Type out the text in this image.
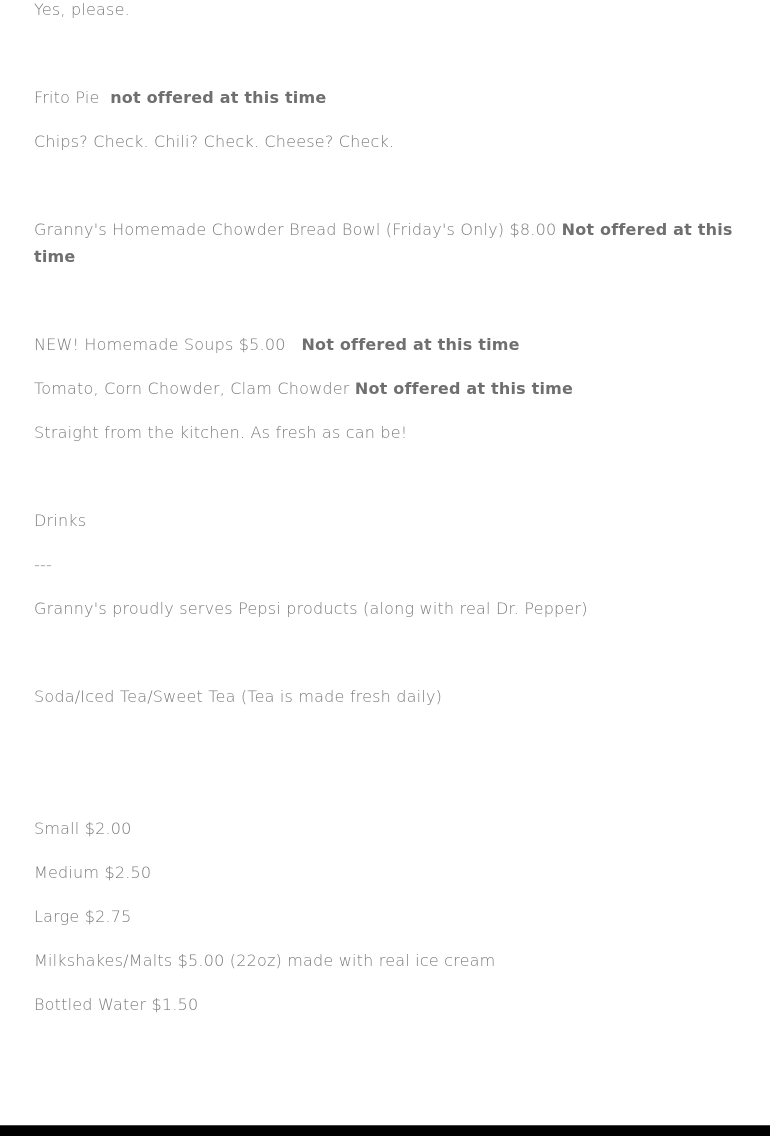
Yes, please.
Frito Pie not offered at this time
Chips? Check. Chili? Check. Cheese? Check.
Granny's Homemade Chowder Bread Bowl (Friday's Only) $8.00 Not offered at this time
NEW! Homemade Soups $5.00 Not offered at this time
Tomato, Corn Chowder, Clam Chowder Not offered at this time
Straight from the kitchen. As fresh as can be!
Drinks
---
Granny's proudly serves Pepsi products (along with real Dr. Pepper)
Soda/Iced Tea/Sweet Tea (Tea is made fresh daily)
Small $2.00
Medium $2.50
Large $2.75
Milkshakes/Malts $5.00 (22oz) made with real ice cream
Bottled Water $1.50
